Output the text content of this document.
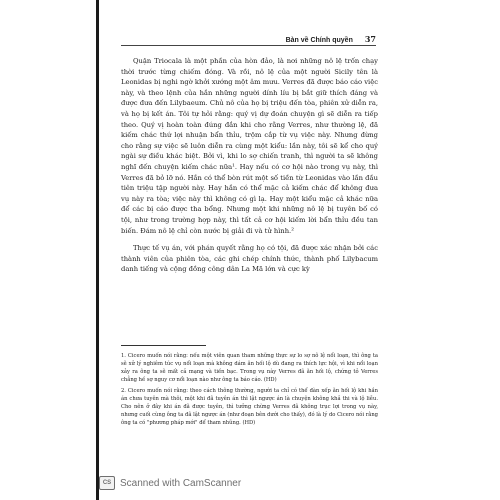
Bàn về Chính quyền 37

Quận Triocala là một phần của hòn đảo, là nơi những nô lệ trốn chạy thời trước từng chiếm đóng. Và rồi, nô lệ của một người Sicily tên là Leonidas bị nghi ngờ khởi xướng một âm mưu. Verres đã được báo cáo việc này, và theo lệnh của hắn những người dính líu bị bắt giữ thích đáng và được đưa đến Lilybaeum. Chủ nô của họ bị triệu đến tòa, phiên xử diễn ra, và họ bị kết án. Tôi tự hỏi rằng: quý vị dự đoán chuyện gì sẽ diễn ra tiếp theo. Quý vị hoàn toàn đúng đắn khi cho rằng Verres, như thường lệ, đã kiếm chác thứ lợi nhuận bẩn thỉu, trộm cắp từ vụ việc này. Nhưng đừng cho rằng sự việc sẽ luôn diễn ra cùng một kiểu: lần này, tôi sẽ kể cho quý ngài sự điều khác biệt. Bởi vì, khi lo sợ chiến tranh, thì người ta sẽ không nghĩ đến chuyện kiếm chác nữa¹. Hay nếu có cơ hội nào trong vụ này, thì Verres đã bỏ lỡ nó. Hắn có thể bòn rút một số tiền từ Leonidas vào lần đầu tiên triệu tập người này. Hay hắn có thể mặc cả kiếm chác để không đưa vụ này ra tòa; việc này thì không có gì lạ. Hay một kiểu mặc cả khác nữa để các bị cáo được tha bổng. Nhưng một khi những nô lệ bị tuyên bố có tội, như trong trường hợp này, thì tất cả cơ hội kiếm lời bẩn thỉu đều tan biến. Đám nô lệ chỉ còn nước bị giải đi và tử hình.²

Thực tế vụ án, với phán quyết rằng họ có tội, đã được xác nhận bởi các thành viên của phiên tòa, các ghi chép chính thức, thành phố Lilybacum danh tiếng và cộng đồng công dân La Mã lớn và cực kỳ

1. Cicero muốn nói rằng: nếu một viên quan tham những thực sự lo sợ nô lệ nổi loạn, thì ông ta sẽ xử lý nghiêm túc vụ nổi loạn mà không dám ăn hối lộ dù đang ra thích lực hội, vì khi nổi loạn xảy ra ông ta sẽ mất cả mạng và tiền bạc. Trong vụ này Verres đã ăn hối lộ, chứng tỏ Verres chẳng hề sợ nguy cơ nổi loạn nào như ông ta báo cáo. (HD)

2. Cicero muốn nói rằng: theo cách thông thường, người ta chỉ có thể đàn xếp ăn hối lộ khi hắn án chưa tuyên mà thôi, một khi đã tuyên án thì lật ngược án là chuyện không khả thi và lộ liễu. Cho nên ở đây khi án đã được tuyên, thì tưởng chừng Verres đã không trục lợi trong vụ này, nhưng cuối cùng ông ta đã lật ngược án (như đoạn bên dưới cho thấy), đó là lý do Cicero nói rằng ông ta có "phương pháp mới" để tham nhũng. (HD)

CS Scanned with CamScanner
